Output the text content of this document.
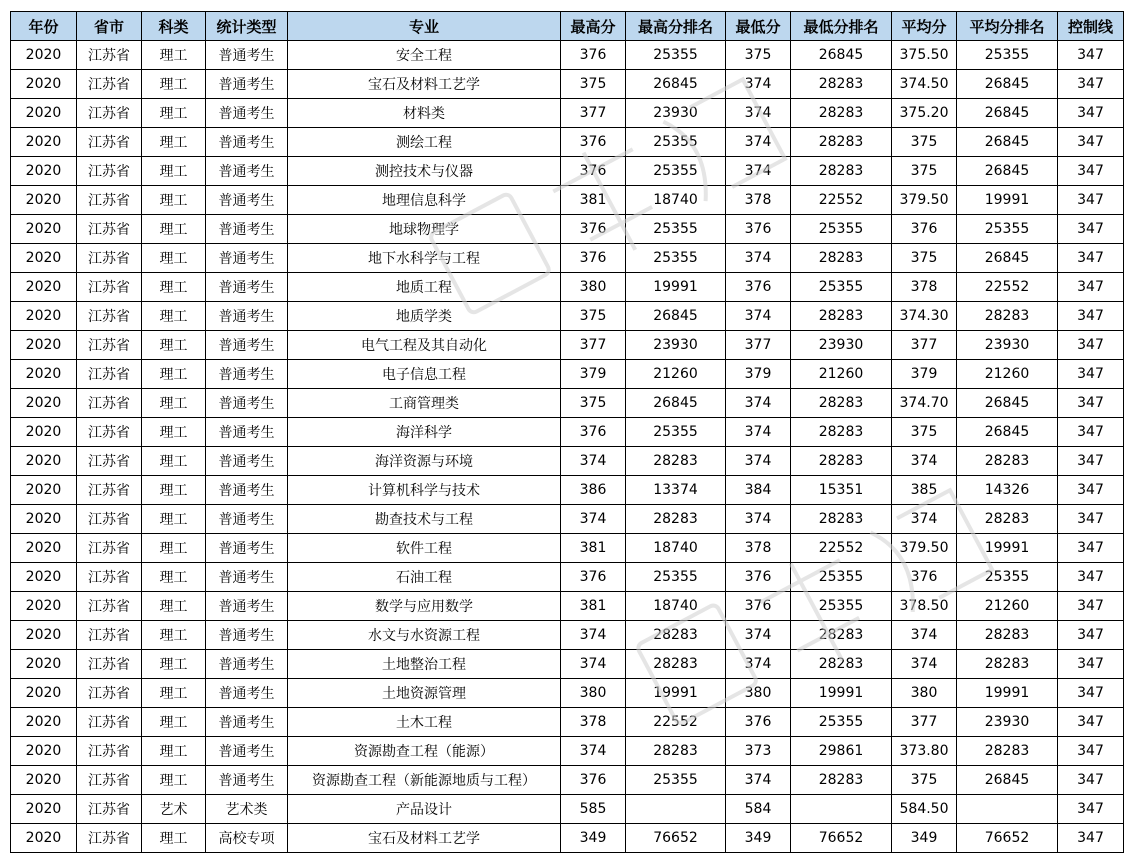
年份	省市	科类	统计类型	专业	最高分	最高分排名	最低分	最低分排名	平均分	平均分排名	控制线
2020	江苏省	理工	普通考生	安全工程	376	25355	375	26845	375.50	25355	347
2020	江苏省	理工	普通考生	宝石及材料工艺学	375	26845	374	28283	374.50	26845	347
2020	江苏省	理工	普通考生	材料类	377	23930	374	28283	375.20	26845	347
2020	江苏省	理工	普通考生	测绘工程	376	25355	374	28283	375	26845	347
2020	江苏省	理工	普通考生	测控技术与仪器	376	25355	374	28283	375	26845	347
2020	江苏省	理工	普通考生	地理信息科学	381	18740	378	22552	379.50	19991	347
2020	江苏省	理工	普通考生	地球物理学	376	25355	376	25355	376	25355	347
2020	江苏省	理工	普通考生	地下水科学与工程	376	25355	374	28283	375	26845	347
2020	江苏省	理工	普通考生	地质工程	380	19991	376	25355	378	22552	347
2020	江苏省	理工	普通考生	地质学类	375	26845	374	28283	374.30	28283	347
2020	江苏省	理工	普通考生	电气工程及其自动化	377	23930	377	23930	377	23930	347
2020	江苏省	理工	普通考生	电子信息工程	379	21260	379	21260	379	21260	347
2020	江苏省	理工	普通考生	工商管理类	375	26845	374	28283	374.70	26845	347
2020	江苏省	理工	普通考生	海洋科学	376	25355	374	28283	375	26845	347
2020	江苏省	理工	普通考生	海洋资源与环境	374	28283	374	28283	374	28283	347
2020	江苏省	理工	普通考生	计算机科学与技术	386	13374	384	15351	385	14326	347
2020	江苏省	理工	普通考生	勘查技术与工程	374	28283	374	28283	374	28283	347
2020	江苏省	理工	普通考生	软件工程	381	18740	378	22552	379.50	19991	347
2020	江苏省	理工	普通考生	石油工程	376	25355	376	25355	376	25355	347
2020	江苏省	理工	普通考生	数学与应用数学	381	18740	376	25355	378.50	21260	347
2020	江苏省	理工	普通考生	水文与水资源工程	374	28283	374	28283	374	28283	347
2020	江苏省	理工	普通考生	土地整治工程	374	28283	374	28283	374	28283	347
2020	江苏省	理工	普通考生	土地资源管理	380	19991	380	19991	380	19991	347
2020	江苏省	理工	普通考生	土木工程	378	22552	376	25355	377	23930	347
2020	江苏省	理工	普通考生	资源勘查工程（能源）	374	28283	373	29861	373.80	28283	347
2020	江苏省	理工	普通考生	资源勘查工程（新能源地质与工程）	376	25355	374	28283	375	26845	347
2020	江苏省	艺术	艺术类	产品设计	585		584		584.50		347
2020	江苏省	理工	高校专项	宝石及材料工艺学	349	76652	349	76652	349	76652	347
